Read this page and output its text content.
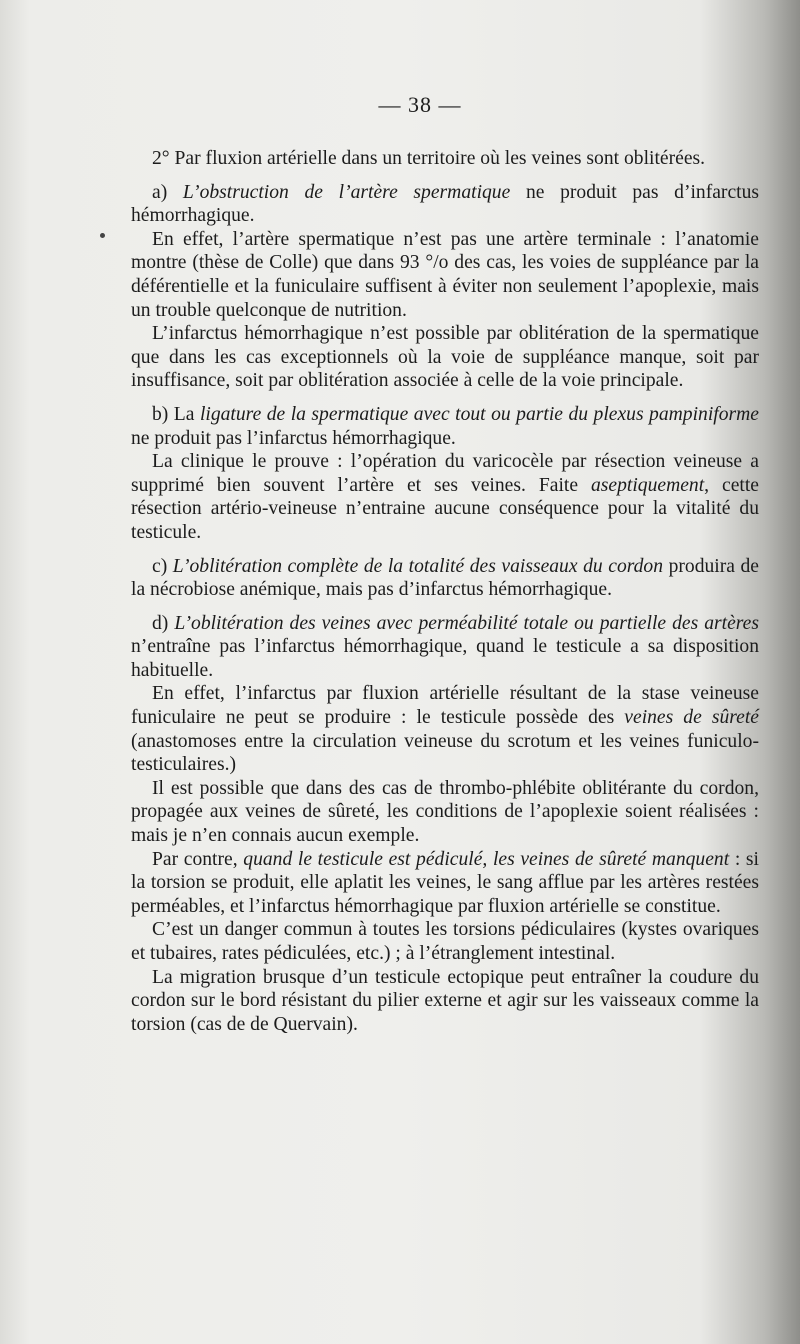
— 38 —

2° Par fluxion artérielle dans un territoire où les veines sont oblitérées.

a) L’obstruction de l’artère spermatique ne produit pas d’infarctus hémorrhagique.

En effet, l’artère spermatique n’est pas une artère terminale : l’anatomie montre (thèse de Colle) que dans 93 °/o des cas, les voies de suppléance par la déférentielle et la funiculaire suffisent à éviter non seulement l’apoplexie, mais un trouble quelconque de nutrition.

L’infarctus hémorrhagique n’est possible par oblitération de la spermatique que dans les cas exceptionnels où la voie de suppléance manque, soit par insuffisance, soit par oblitération associée à celle de la voie principale.

b) La ligature de la spermatique avec tout ou partie du plexus pampiniforme ne produit pas l’infarctus hémorrhagique.

La clinique le prouve : l’opération du varicocèle par résection veineuse a supprimé bien souvent l’artère et ses veines. Faite aseptiquement, cette résection artério-veineuse n’entraine aucune conséquence pour la vitalité du testicule.

c) L’oblitération complète de la totalité des vaisseaux du cordon produira de la nécrobiose anémique, mais pas d’infarctus hémorrhagique.

d) L’oblitération des veines avec perméabilité totale ou partielle des artères n’entraîne pas l’infarctus hémorrhagique, quand le testicule a sa disposition habituelle.

En effet, l’infarctus par fluxion artérielle résultant de la stase veineuse funiculaire ne peut se produire : le testicule possède des veines de sûreté (anastomoses entre la circulation veineuse du scrotum et les veines funiculo-testiculaires.)

Il est possible que dans des cas de thrombo-phlébite oblitérante du cordon, propagée aux veines de sûreté, les conditions de l’apoplexie soient réalisées : mais je n’en connais aucun exemple.

Par contre, quand le testicule est pédiculé, les veines de sûreté manquent : si la torsion se produit, elle aplatit les veines, le sang afflue par les artères restées perméables, et l’infarctus hémorrhagique par fluxion artérielle se constitue.

C’est un danger commun à toutes les torsions pédiculaires (kystes ovariques et tubaires, rates pédiculées, etc.) ; à l’étranglement intestinal.

La migration brusque d’un testicule ectopique peut entraîner la coudure du cordon sur le bord résistant du pilier externe et agir sur les vaisseaux comme la torsion (cas de de Quervain).
